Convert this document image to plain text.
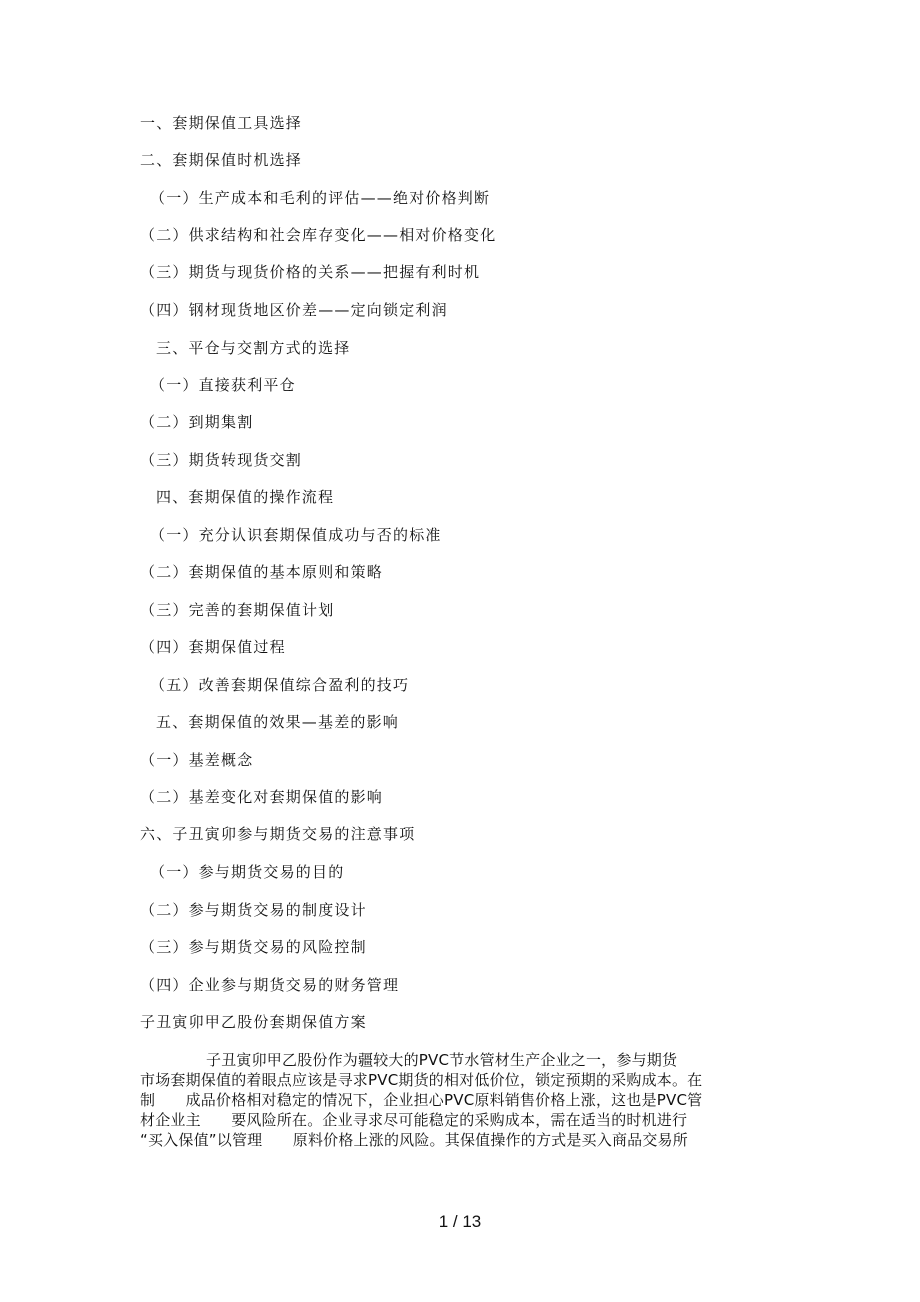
一、套期保值工具选择
二、套期保值时机选择
（一）生产成本和毛利的评估——绝对价格判断
（二）供求结构和社会库存变化——相对价格变化
（三）期货与现货价格的关系——把握有利时机
（四）钢材现货地区价差——定向锁定利润
三、平仓与交割方式的选择
（一）直接获利平仓
（二）到期集割
（三）期货转现货交割
四、套期保值的操作流程
（一）充分认识套期保值成功与否的标准
（二）套期保值的基本原则和策略
（三）完善的套期保值计划
（四）套期保值过程
（五）改善套期保值综合盈利的技巧
五、套期保值的效果—基差的影响
（一）基差概念
（二）基差变化对套期保值的影响
六、子丑寅卯参与期货交易的注意事项
（一）参与期货交易的目的
（二）参与期货交易的制度设计
（三）参与期货交易的风险控制
（四）企业参与期货交易的财务管理
子丑寅卯甲乙股份套期保值方案
子丑寅卯甲乙股份作为疆较大的PVC节水管材生产企业之一，参与期货
市场套期保值的着眼点应该是寻求PVC期货的相对低价位，锁定预期的采购成本。在
制　　成品价格相对稳定的情况下，企业担心PVC原料销售价格上涨，这也是PVC管
材企业主　　要风险所在。企业寻求尽可能稳定的采购成本，需在适当的时机进行
“买入保值”以管理　　原料价格上涨的风险。其保值操作的方式是买入商品交易所
1 / 13
